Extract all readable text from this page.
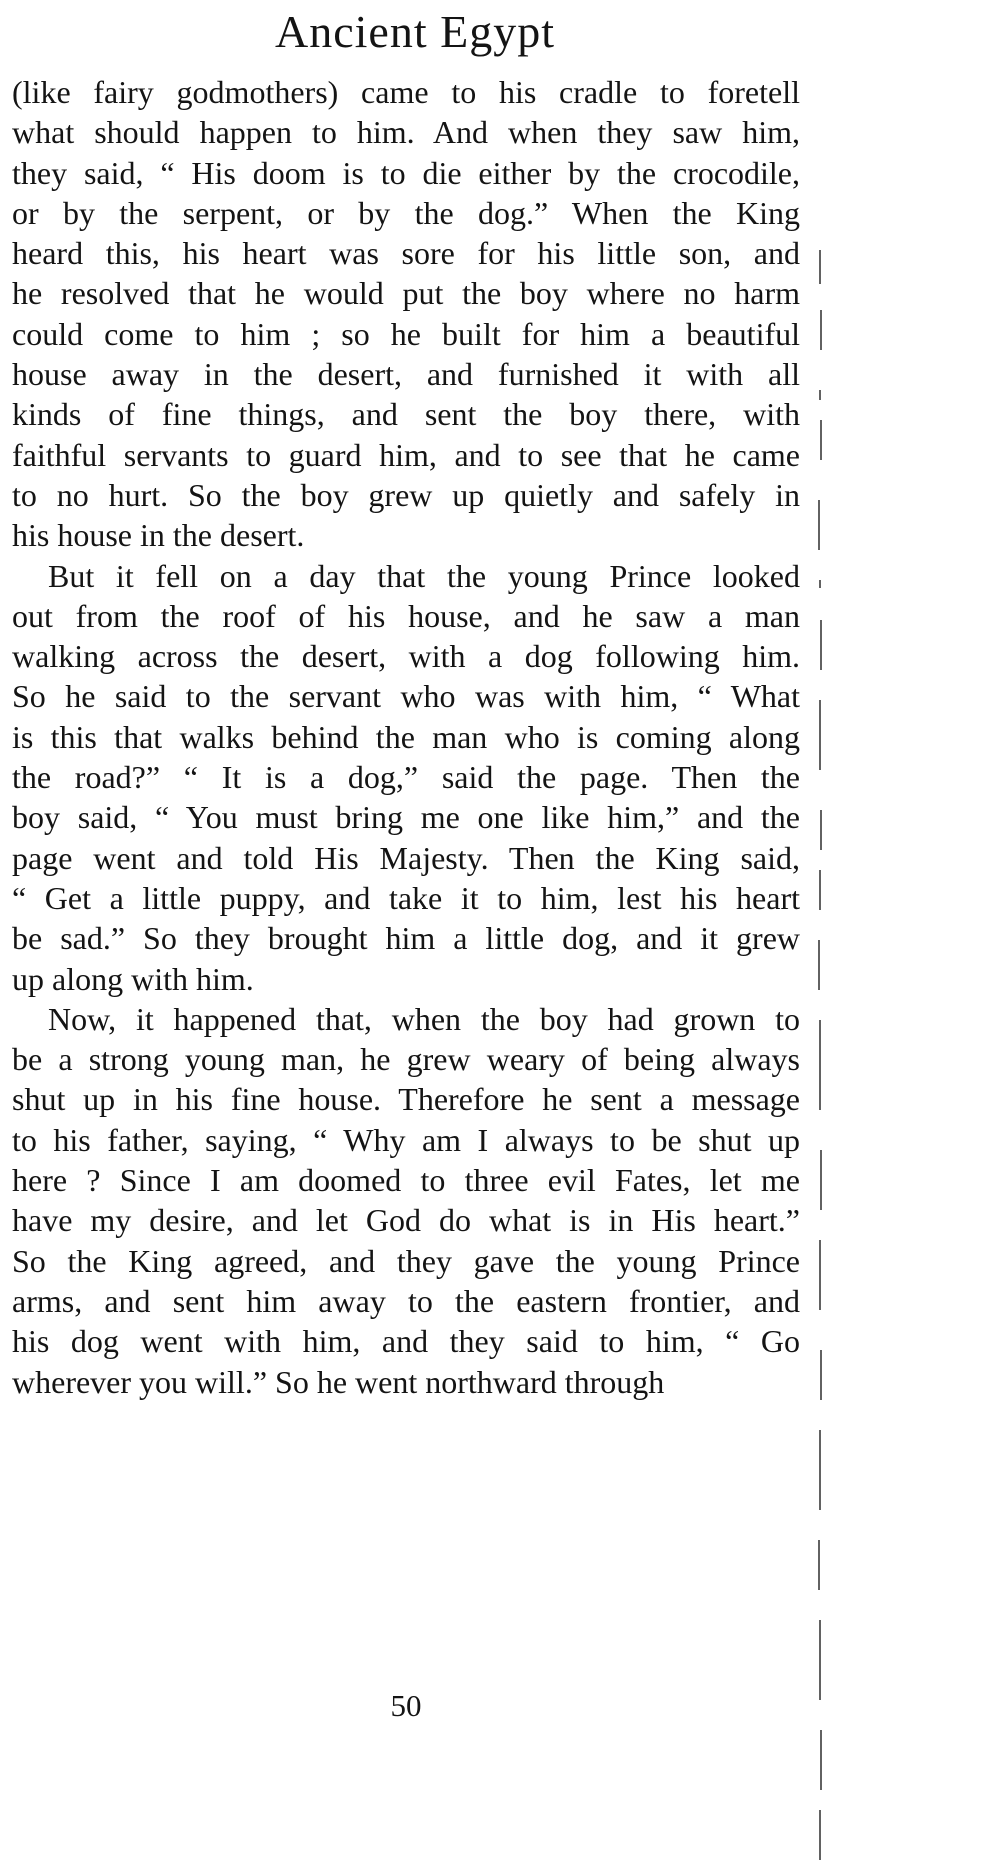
Ancient Egypt
(like fairy godmothers) came to his cradle to foretell
what should happen to him. And when they saw him,
they said, “ His doom is to die either by the crocodile,
or by the serpent, or by the dog.” When the King
heard this, his heart was sore for his little son, and
he resolved that he would put the boy where no harm
could come to him ; so he built for him a beautiful
house away in the desert, and furnished it with all
kinds of fine things, and sent the boy there, with
faithful servants to guard him, and to see that he came
to no hurt. So the boy grew up quietly and safely in
his house in the desert.
But it fell on a day that the young Prince looked
out from the roof of his house, and he saw a man
walking across the desert, with a dog following him.
So he said to the servant who was with him, “ What
is this that walks behind the man who is coming along
the road?” “ It is a dog,” said the page. Then the
boy said, “ You must bring me one like him,” and the
page went and told His Majesty. Then the King said,
“ Get a little puppy, and take it to him, lest his heart
be sad.” So they brought him a little dog, and it grew
up along with him.
Now, it happened that, when the boy had grown to
be a strong young man, he grew weary of being always
shut up in his fine house. Therefore he sent a message
to his father, saying, “ Why am I always to be shut up
here ? Since I am doomed to three evil Fates, let me
have my desire, and let God do what is in His heart.”
So the King agreed, and they gave the young Prince
arms, and sent him away to the eastern frontier, and
his dog went with him, and they said to him, “ Go
wherever you will.” So he went northward through
50
